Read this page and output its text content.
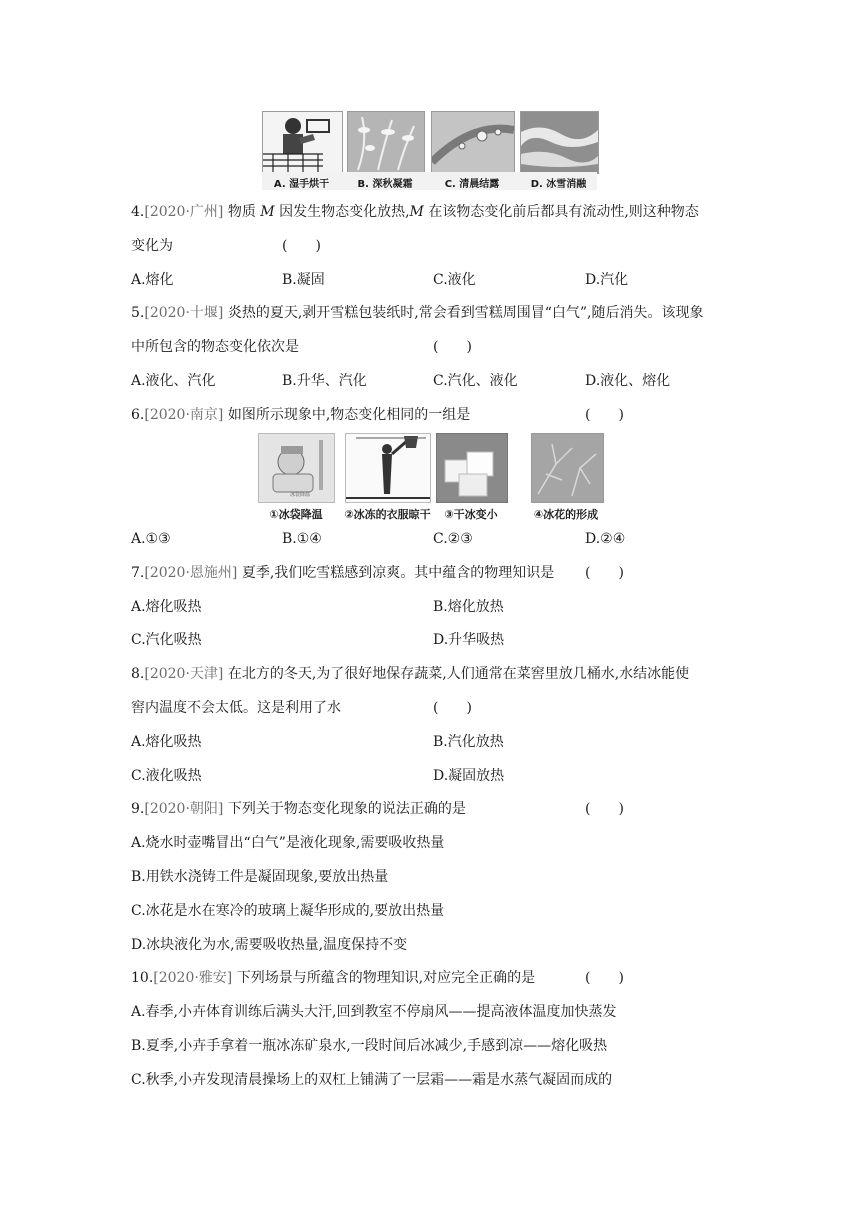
A. 湿手烘干	B. 深秋凝霜	C. 清晨结露	D. 冰雪消融
4.[2020·广州] 物质 M 因发生物态变化放热,M 在该物态变化前后都具有流动性,则这种物态
变化为	(　　)
A.熔化	B.凝固	C.液化	D.汽化
5.[2020·十堰] 炎热的夏天,剥开雪糕包装纸时,常会看到雪糕周围冒“白气”,随后消失。该现象
中所包含的物态变化依次是	(　　)
A.液化、汽化	B.升华、汽化	C.汽化、液化	D.液化、熔化
6.[2020·南京] 如图所示现象中,物态变化相同的一组是	(　　)
冰袋降温
①冰袋降温	②冰冻的衣服晾干	③干冰变小	④冰花的形成
A.①③	B.①④	C.②③	D.②④
7.[2020·恩施州] 夏季,我们吃雪糕感到凉爽。其中蕴含的物理知识是 (　　)
A.熔化吸热	B.熔化放热
C.汽化吸热	D.升华吸热
8.[2020·天津] 在北方的冬天,为了很好地保存蔬菜,人们通常在菜窖里放几桶水,水结冰能使
窖内温度不会太低。这是利用了水	(　　)
A.熔化吸热	B.汽化放热
C.液化吸热	D.凝固放热
9.[2020·朝阳] 下列关于物态变化现象的说法正确的是	(　　)
A.烧水时壶嘴冒出“白气”是液化现象,需要吸收热量
B.用铁水浇铸工件是凝固现象,要放出热量
C.冰花是水在寒冷的玻璃上凝华形成的,要放出热量
D.冰块液化为水,需要吸收热量,温度保持不变
10.[2020·雅安] 下列场景与所蕴含的物理知识,对应完全正确的是	(　　)
A.春季,小卉体育训练后满头大汗,回到教室不停扇风——提高液体温度加快蒸发
B.夏季,小卉手拿着一瓶冰冻矿泉水,一段时间后冰减少,手感到凉——熔化吸热
C.秋季,小卉发现清晨操场上的双杠上铺满了一层霜——霜是水蒸气凝固而成的
